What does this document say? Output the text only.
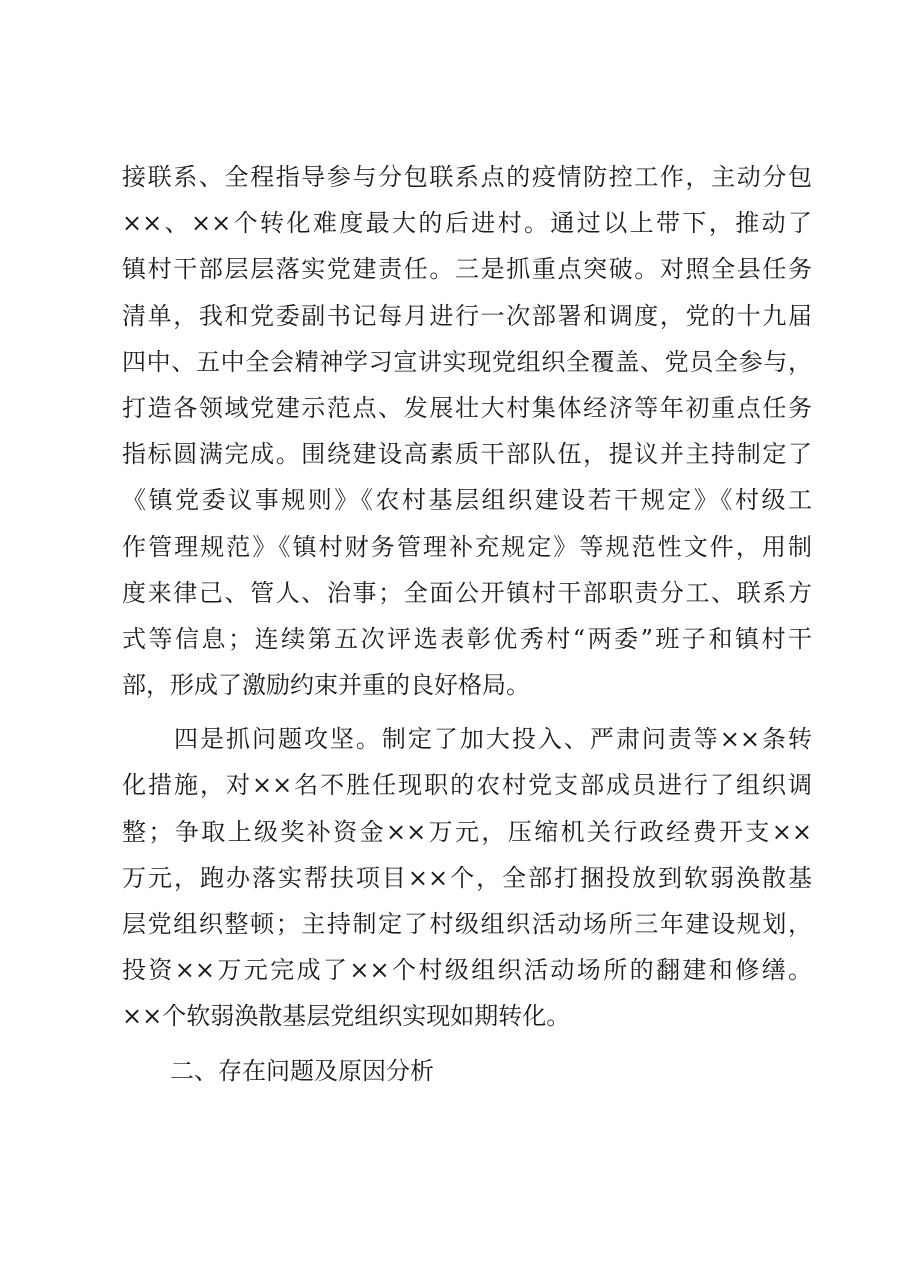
接联系、全程指导参与分包联系点的疫情防控工作，主动分包
××、××个转化难度最大的后进村。通过以上带下，推动了
镇村干部层层落实党建责任。三是抓重点突破。对照全县任务
清单，我和党委副书记每月进行一次部署和调度，党的十九届
四中、五中全会精神学习宣讲实现党组织全覆盖、党员全参与，
打造各领域党建示范点、发展壮大村集体经济等年初重点任务
指标圆满完成。围绕建设高素质干部队伍，提议并主持制定了
《镇党委议事规则》《农村基层组织建设若干规定》《村级工
作管理规范》《镇村财务管理补充规定》等规范性文件，用制
度来律己、管人、治事；全面公开镇村干部职责分工、联系方
式等信息；连续第五次评选表彰优秀村“两委”班子和镇村干
部，形成了激励约束并重的良好格局。
　　四是抓问题攻坚。制定了加大投入、严肃问责等××条转
化措施，对××名不胜任现职的农村党支部成员进行了组织调
整；争取上级奖补资金××万元，压缩机关行政经费开支××
万元，跑办落实帮扶项目××个，全部打捆投放到软弱涣散基
层党组织整顿；主持制定了村级组织活动场所三年建设规划，
投资××万元完成了××个村级组织活动场所的翻建和修缮。
××个软弱涣散基层党组织实现如期转化。
　　二、存在问题及原因分析
